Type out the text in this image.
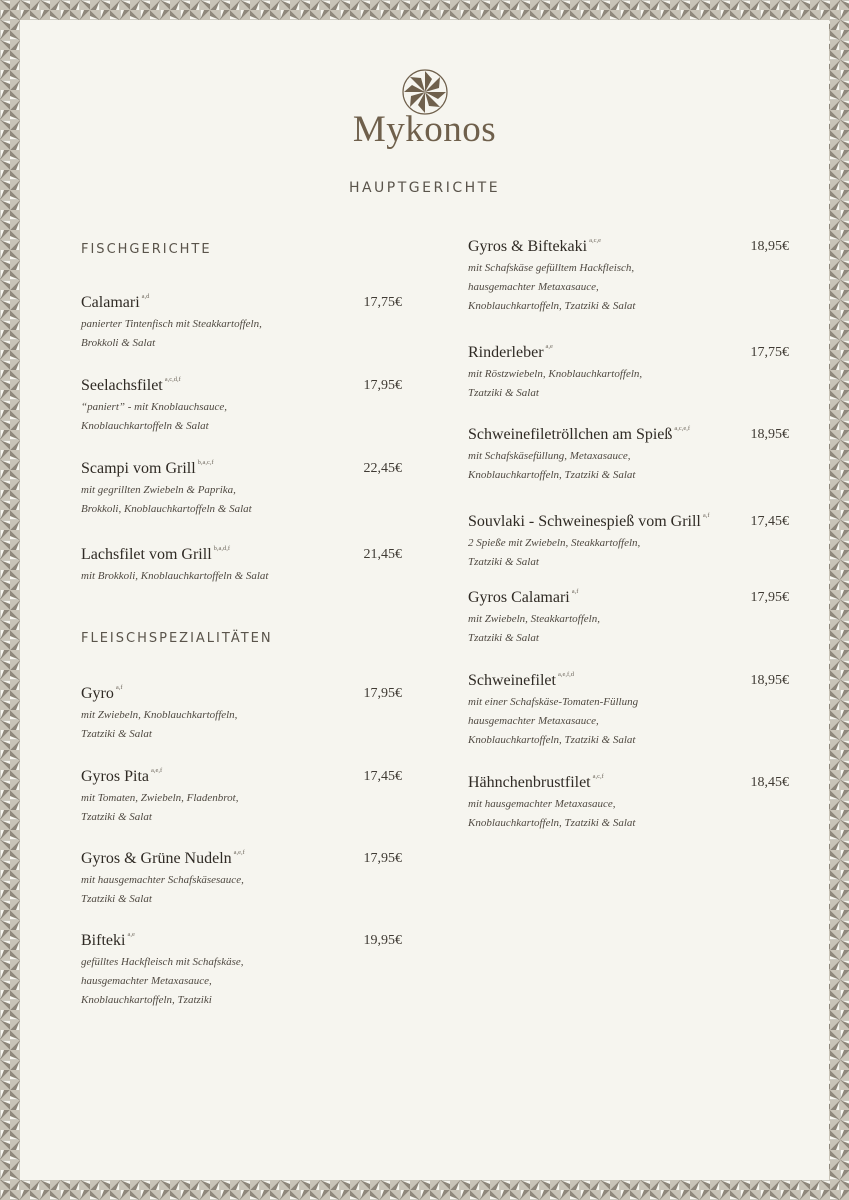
Mykonos
HAUPTGERICHTE
FISCHGERICHTE
Calamari $^{a,d}$	17,75€
panierter Tintenfisch mit Steakkartoffeln,
Brokkoli & Salat
Seelachsfilet $^{a,c,d,f}$	17,95€
“paniert” - mit Knoblauchsauce,
Knoblauchkartoffeln & Salat
Scampi vom Grill $^{b,a,c,f}$	22,45€
mit gegrillten Zwiebeln & Paprika,
Brokkoli, Knoblauchkartoffeln & Salat
Lachsfilet vom Grill $^{b,a,d,f}$	21,45€
mit Brokkoli, Knoblauchkartoffeln & Salat
FLEISCHSPEZIALITÄTEN
Gyro $^{a,f}$	17,95€
mit Zwiebeln, Knoblauchkartoffeln,
Tzatziki & Salat
Gyros Pita $^{a,e,f}$	17,45€
mit Tomaten, Zwiebeln, Fladenbrot,
Tzatziki & Salat
Gyros & Grüne Nudeln $^{a,e,f}$	17,95€
mit hausgemachter Schafskäsesauce,
Tzatziki & Salat
Bifteki $^{a,e}$	19,95€
gefülltes Hackfleisch mit Schafskäse,
hausgemachter Metaxasauce,
Knoblauchkartoffeln, Tzatziki
Gyros & Biftekaki $^{a,c,e}$	18,95€
mit Schafskäse gefülltem Hackfleisch,
hausgemachter Metaxasauce,
Knoblauchkartoffeln, Tzatziki & Salat
Rinderleber $^{a,e}$	17,75€
mit Röstzwiebeln, Knoblauchkartoffeln,
Tzatziki & Salat
Schweinefiletröllchen am Spieß $^{a,c,e,f}$	18,95€
mit Schafskäsefüllung, Metaxasauce,
Knoblauchkartoffeln, Tzatziki & Salat
Souvlaki - Schweinespieß vom Grill $^{a,f}$	17,45€
2 Spieße mit Zwiebeln, Steakkartoffeln,
Tzatziki & Salat
Gyros Calamari $^{a,f}$	17,95€
mit Zwiebeln, Steakkartoffeln,
Tzatziki & Salat
Schweinefilet $^{a,e,f,d}$	18,95€
mit einer Schafskäse-Tomaten-Füllung
hausgemachter Metaxasauce,
Knoblauchkartoffeln, Tzatziki & Salat
Hähnchenbrustfilet $^{a,c,f}$	18,45€
mit hausgemachter Metaxasauce,
Knoblauchkartoffeln, Tzatziki & Salat
